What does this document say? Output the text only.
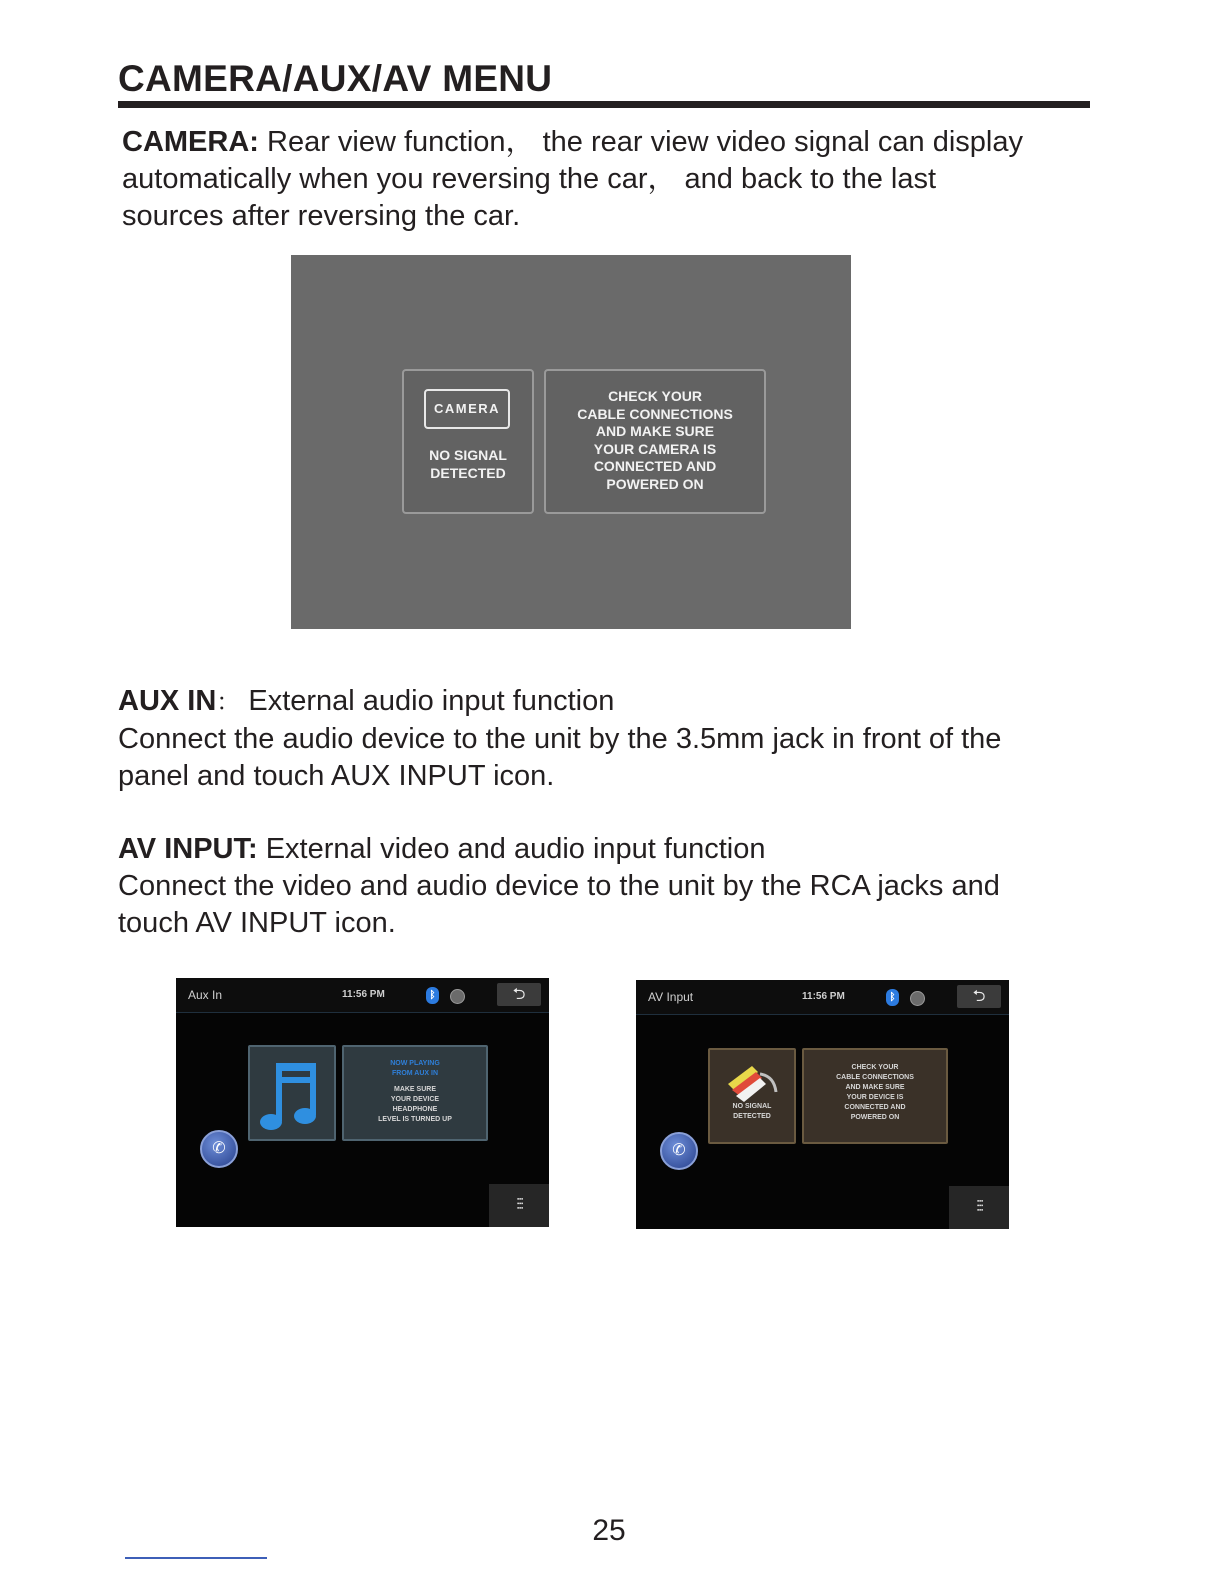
CAMERA/AUX/AV MENU

CAMERA: Rear view function， the rear view video signal can display
automatically when you reversing the car， and back to the last
sources after reversing the car.

CAMERA
NO SIGNAL
DETECTED
CHECK YOUR
CABLE CONNECTIONS
AND MAKE SURE
YOUR CAMERA IS
CONNECTED AND
POWERED ON

AUX IN： External audio input function
Connect the audio device to the unit by the 3.5mm jack in front of the
panel and touch AUX INPUT icon.

AV INPUT: External video and audio input function
Connect the video and audio device to the unit by the RCA jacks and
touch AV INPUT icon.

Aux In	11:56 PM	ᛒ	⮌
NOW PLAYING
FROM AUX IN
MAKE SURE
YOUR DEVICE
HEADPHONE
LEVEL IS TURNED UP
✆
⫶⫶⫶
AV Input	11:56 PM	ᛒ	⮌
NO SIGNAL
DETECTED
CHECK YOUR
CABLE CONNECTIONS
AND MAKE SURE
YOUR DEVICE IS
CONNECTED AND
POWERED ON
✆
⫶⫶⫶
25
